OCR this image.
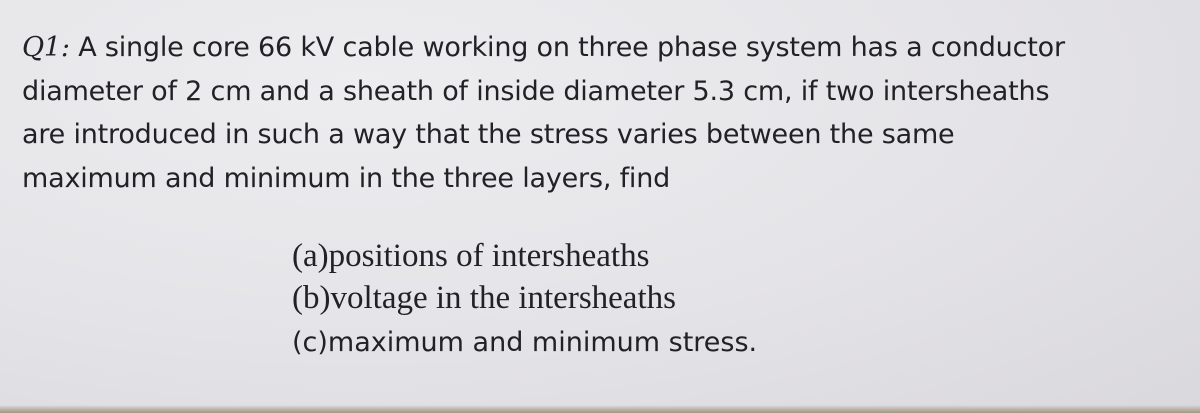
Q1: A single core 66 kV cable working on three phase system has a conductor
diameter of 2 cm and a sheath of inside diameter 5.3 cm, if two intersheaths
are introduced in such a way that the stress varies between the same
maximum and minimum in the three layers, find
(a)positions of intersheaths
(b)voltage in the intersheaths
(c)maximum and minimum stress.
